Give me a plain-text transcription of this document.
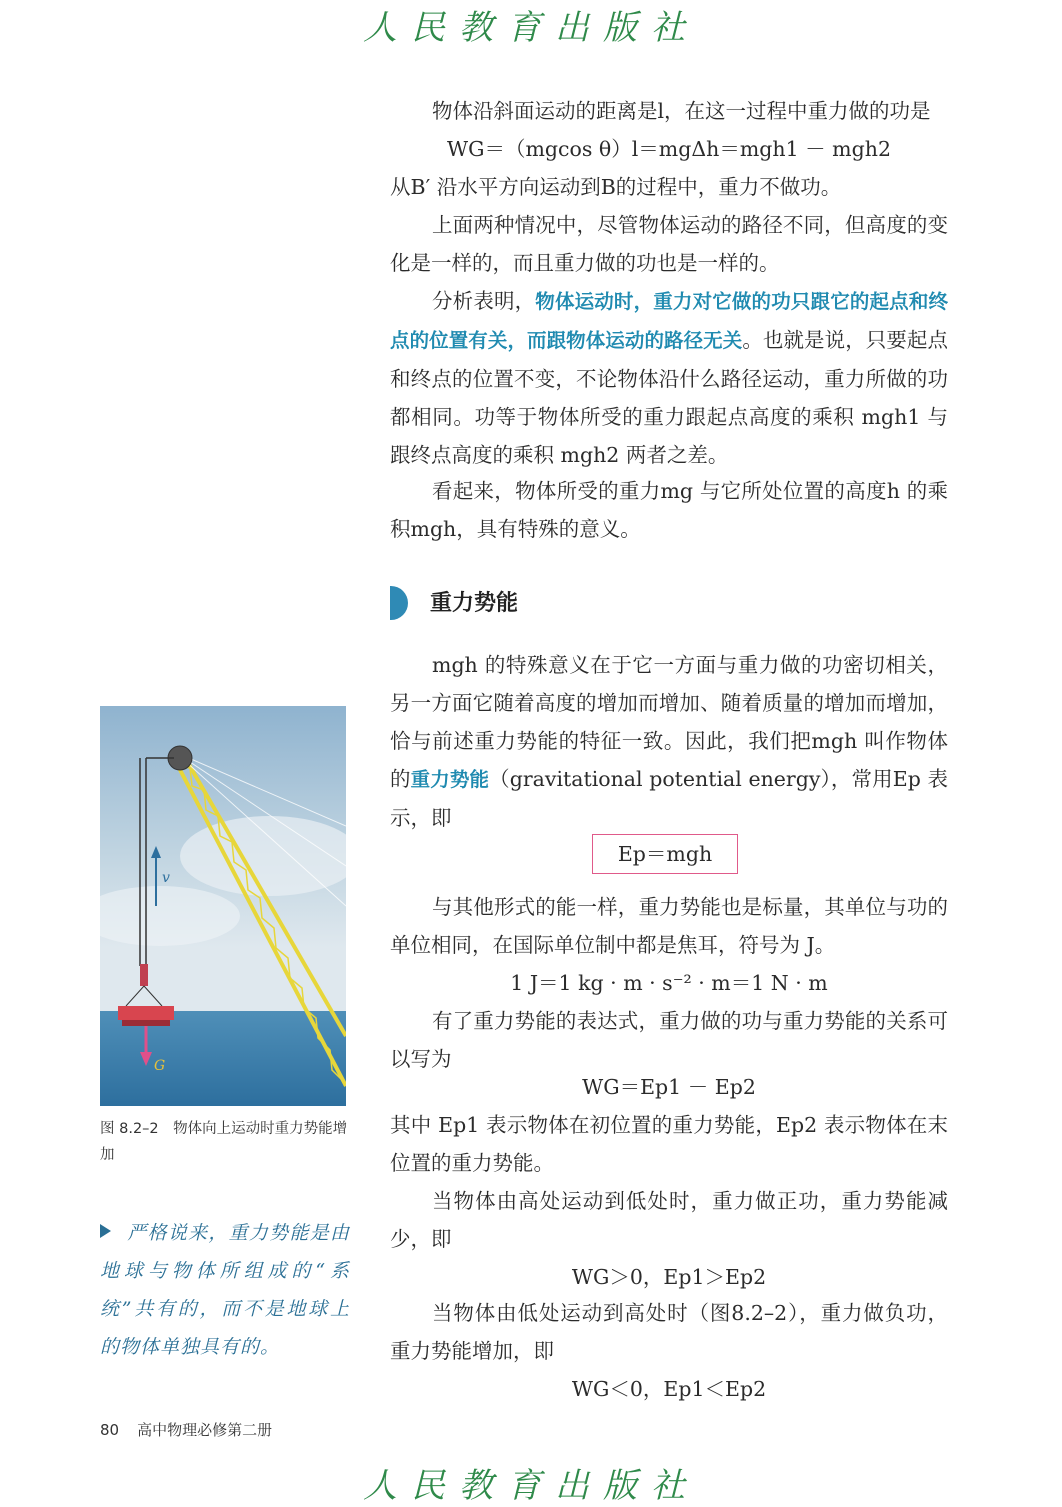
人民教育出版社

物体沿斜面运动的距离是l，在这一过程中重力做的功是

WG＝（mgcos θ）l＝mgΔh＝mgh1 － mgh2

从B′ 沿水平方向运动到B的过程中，重力不做功。

上面两种情况中，尽管物体运动的路径不同，但高度的变化是一样的，而且重力做的功也是一样的。

分析表明，物体运动时，重力对它做的功只跟它的起点和终点的位置有关，而跟物体运动的路径无关。也就是说，只要起点和终点的位置不变，不论物体沿什么路径运动，重力所做的功都相同。功等于物体所受的重力跟起点高度的乘积 mgh1 与跟终点高度的乘积 mgh2 两者之差。

看起来，物体所受的重力mg 与它所处位置的高度h 的乘积mgh，具有特殊的意义。

mgh 的特殊意义在于它一方面与重力做的功密切相关，另一方面它随着高度的增加而增加、随着质量的增加而增加，恰与前述重力势能的特征一致。因此，我们把mgh 叫作物体的重力势能（gravitational potential energy），常用Ep 表示，即

Ep＝mgh

与其他形式的能一样，重力势能也是标量，其单位与功的单位相同，在国际单位制中都是焦耳，符号为 J。

1 J＝1 kg · m · s⁻² · m＝1 N · m

有了重力势能的表达式，重力做的功与重力势能的关系可以写为

WG＝Ep1 － Ep2

其中 Ep1 表示物体在初位置的重力势能，Ep2 表示物体在末位置的重力势能。

当物体由高处运动到低处时，重力做正功，重力势能减少，即

WG＞0，Ep1＞Ep2

当物体由低处运动到高处时（图8.2–2），重力做负功，重力势能增加，即

WG＜0，Ep1＜Ep2
重力势能
v
G
图 8.2–2　物体向上运动时重力势能增加
严格说来，重力势能是由地球与物体所组成的“系统”共有的，而不是地球上的物体单独具有的。
80 高中物理必修第二册
人民教育出版社
